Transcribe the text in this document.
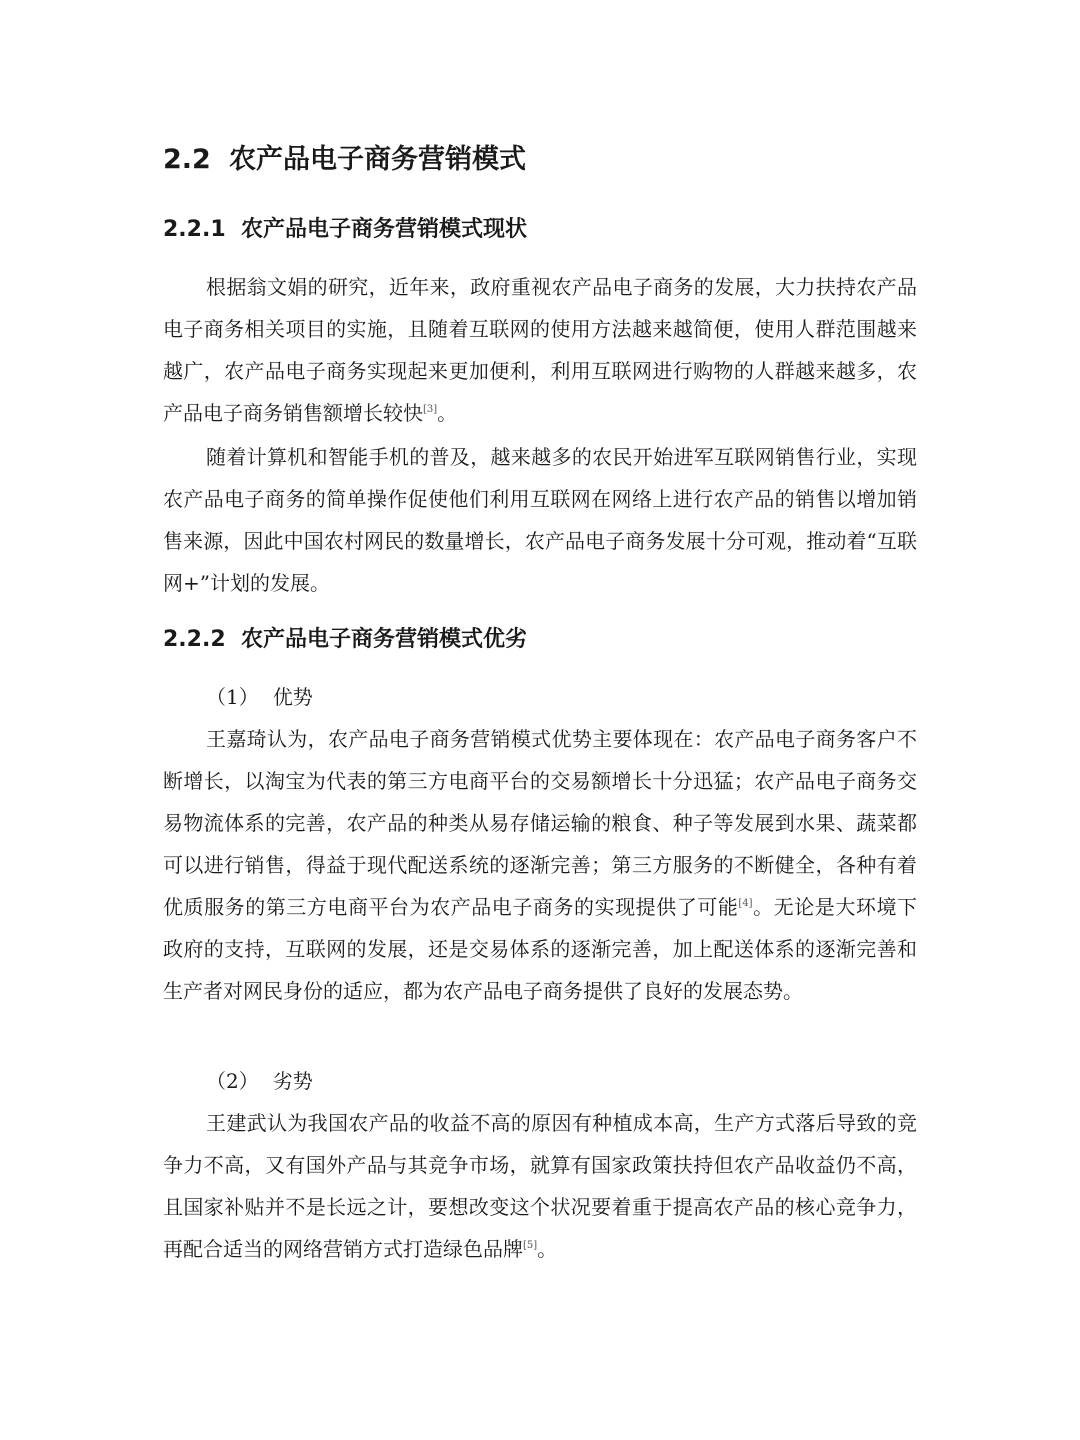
2.2 农产品电子商务营销模式
2.2.1 农产品电子商务营销模式现状

根据翁文娟的研究，近年来，政府重视农产品电子商务的发展，大力扶持农产品电子商务相关项目的实施，且随着互联网的使用方法越来越简便，使用人群范围越来越广，农产品电子商务实现起来更加便利，利用互联网进行购物的人群越来越多，农产品电子商务销售额增长较快[3]。

随着计算机和智能手机的普及，越来越多的农民开始进军互联网销售行业，实现农产品电子商务的简单操作促使他们利用互联网在网络上进行农产品的销售以增加销售来源，因此中国农村网民的数量增长，农产品电子商务发展十分可观，推动着“互联网+”计划的发展。

2.2.2 农产品电子商务营销模式优劣

（1） 优势

王嘉琦认为，农产品电子商务营销模式优势主要体现在：农产品电子商务客户不断增长，以淘宝为代表的第三方电商平台的交易额增长十分迅猛；农产品电子商务交易物流体系的完善，农产品的种类从易存储运输的粮食、种子等发展到水果、蔬菜都可以进行销售，得益于现代配送系统的逐渐完善；第三方服务的不断健全，各种有着优质服务的第三方电商平台为农产品电子商务的实现提供了可能[4]。无论是大环境下政府的支持，互联网的发展，还是交易体系的逐渐完善，加上配送体系的逐渐完善和生产者对网民身份的适应，都为农产品电子商务提供了良好的发展态势。

（2） 劣势

王建武认为我国农产品的收益不高的原因有种植成本高，生产方式落后导致的竞争力不高，又有国外产品与其竞争市场，就算有国家政策扶持但农产品收益仍不高，且国家补贴并不是长远之计，要想改变这个状况要着重于提高农产品的核心竞争力，再配合适当的网络营销方式打造绿色品牌[5]。
